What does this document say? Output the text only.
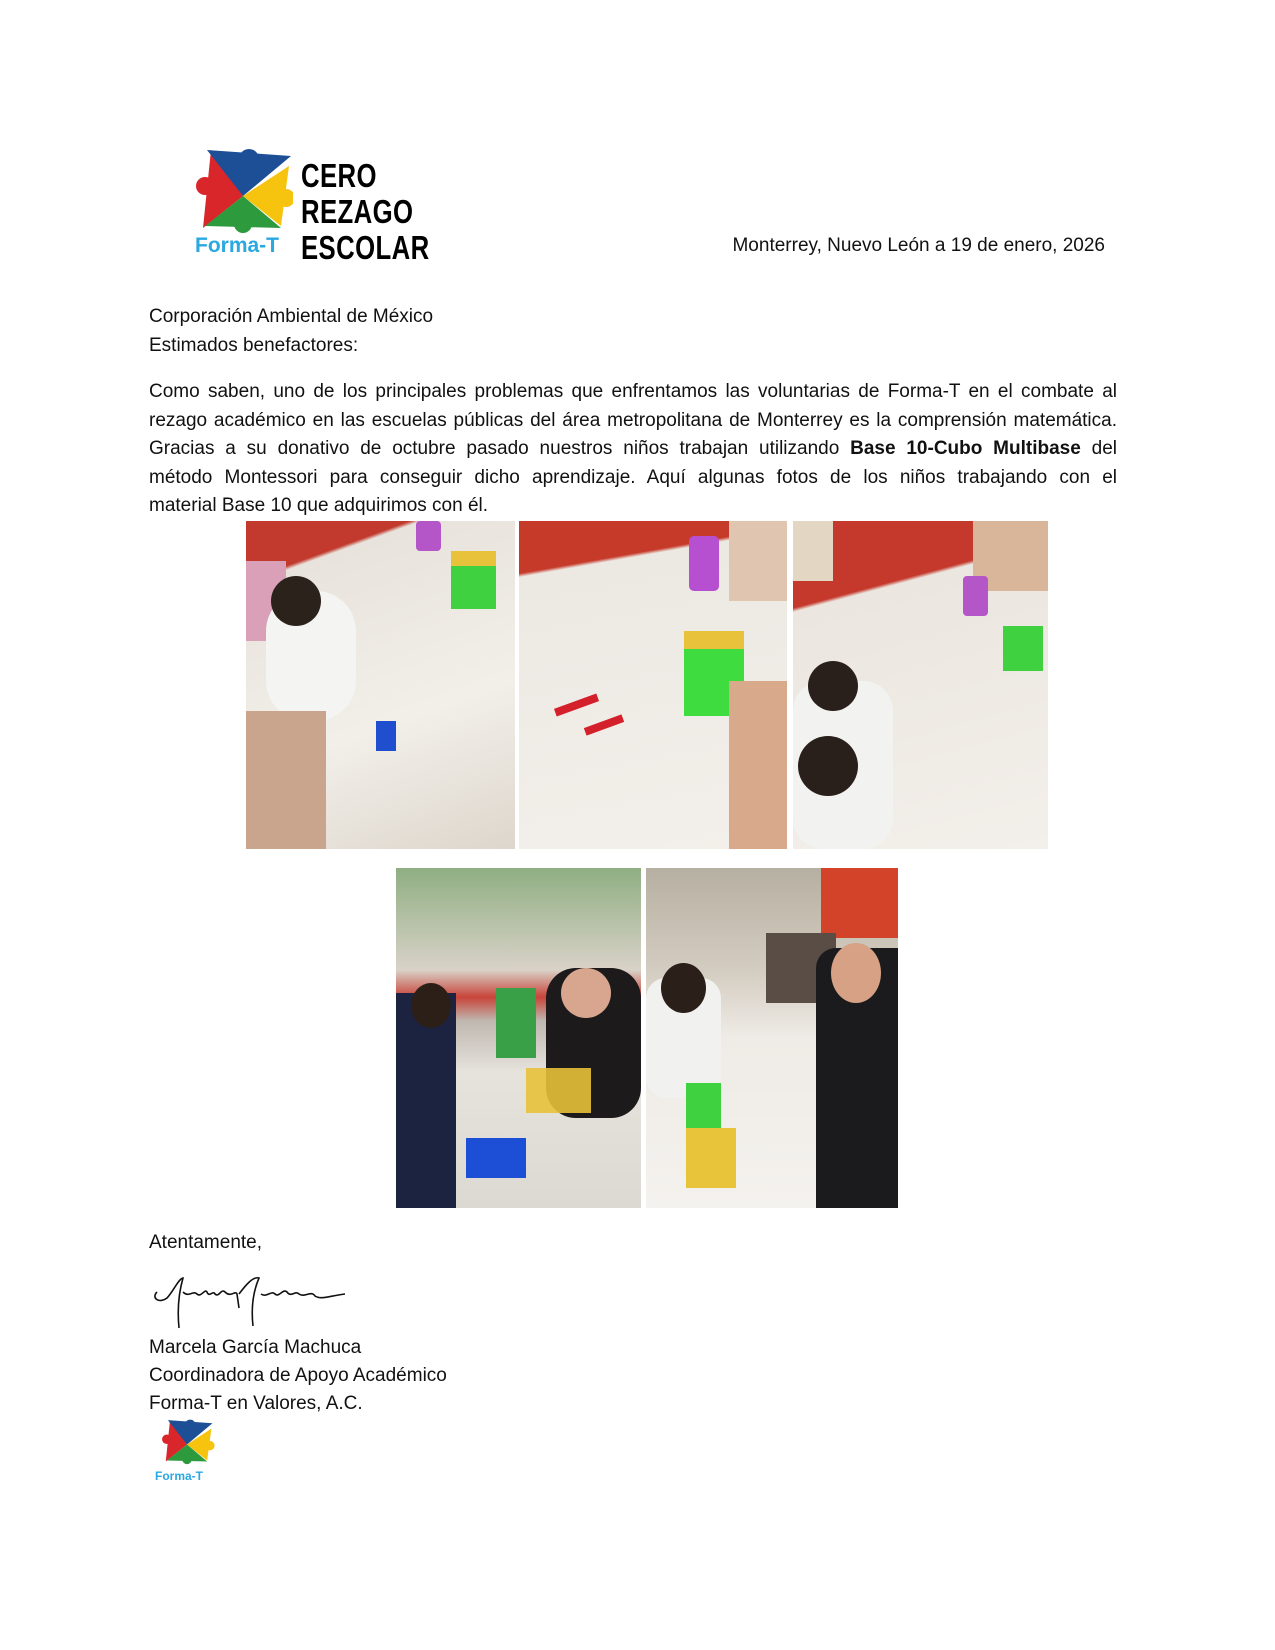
Forma-T
CERO
REZAGO
ESCOLAR	Monterrey, Nuevo León a 19 de enero, 2026
Corporación Ambiental de México
Estimados benefactores:
Como saben, uno de los principales problemas que enfrentamos las voluntarias de Forma-T en el combate al
rezago académico en las escuelas públicas del área metropolitana de Monterrey es la comprensión matemática.
Gracias a su donativo de octubre pasado nuestros niños trabajan utilizando Base 10-Cubo Multibase del
método Montessori para conseguir dicho aprendizaje. Aquí algunas fotos de los niños trabajando con el
material Base 10 que adquirimos con él.
Atentamente,
Marcela García Machuca
Coordinadora de Apoyo Académico
Forma-T en Valores, A.C.
Forma-T
